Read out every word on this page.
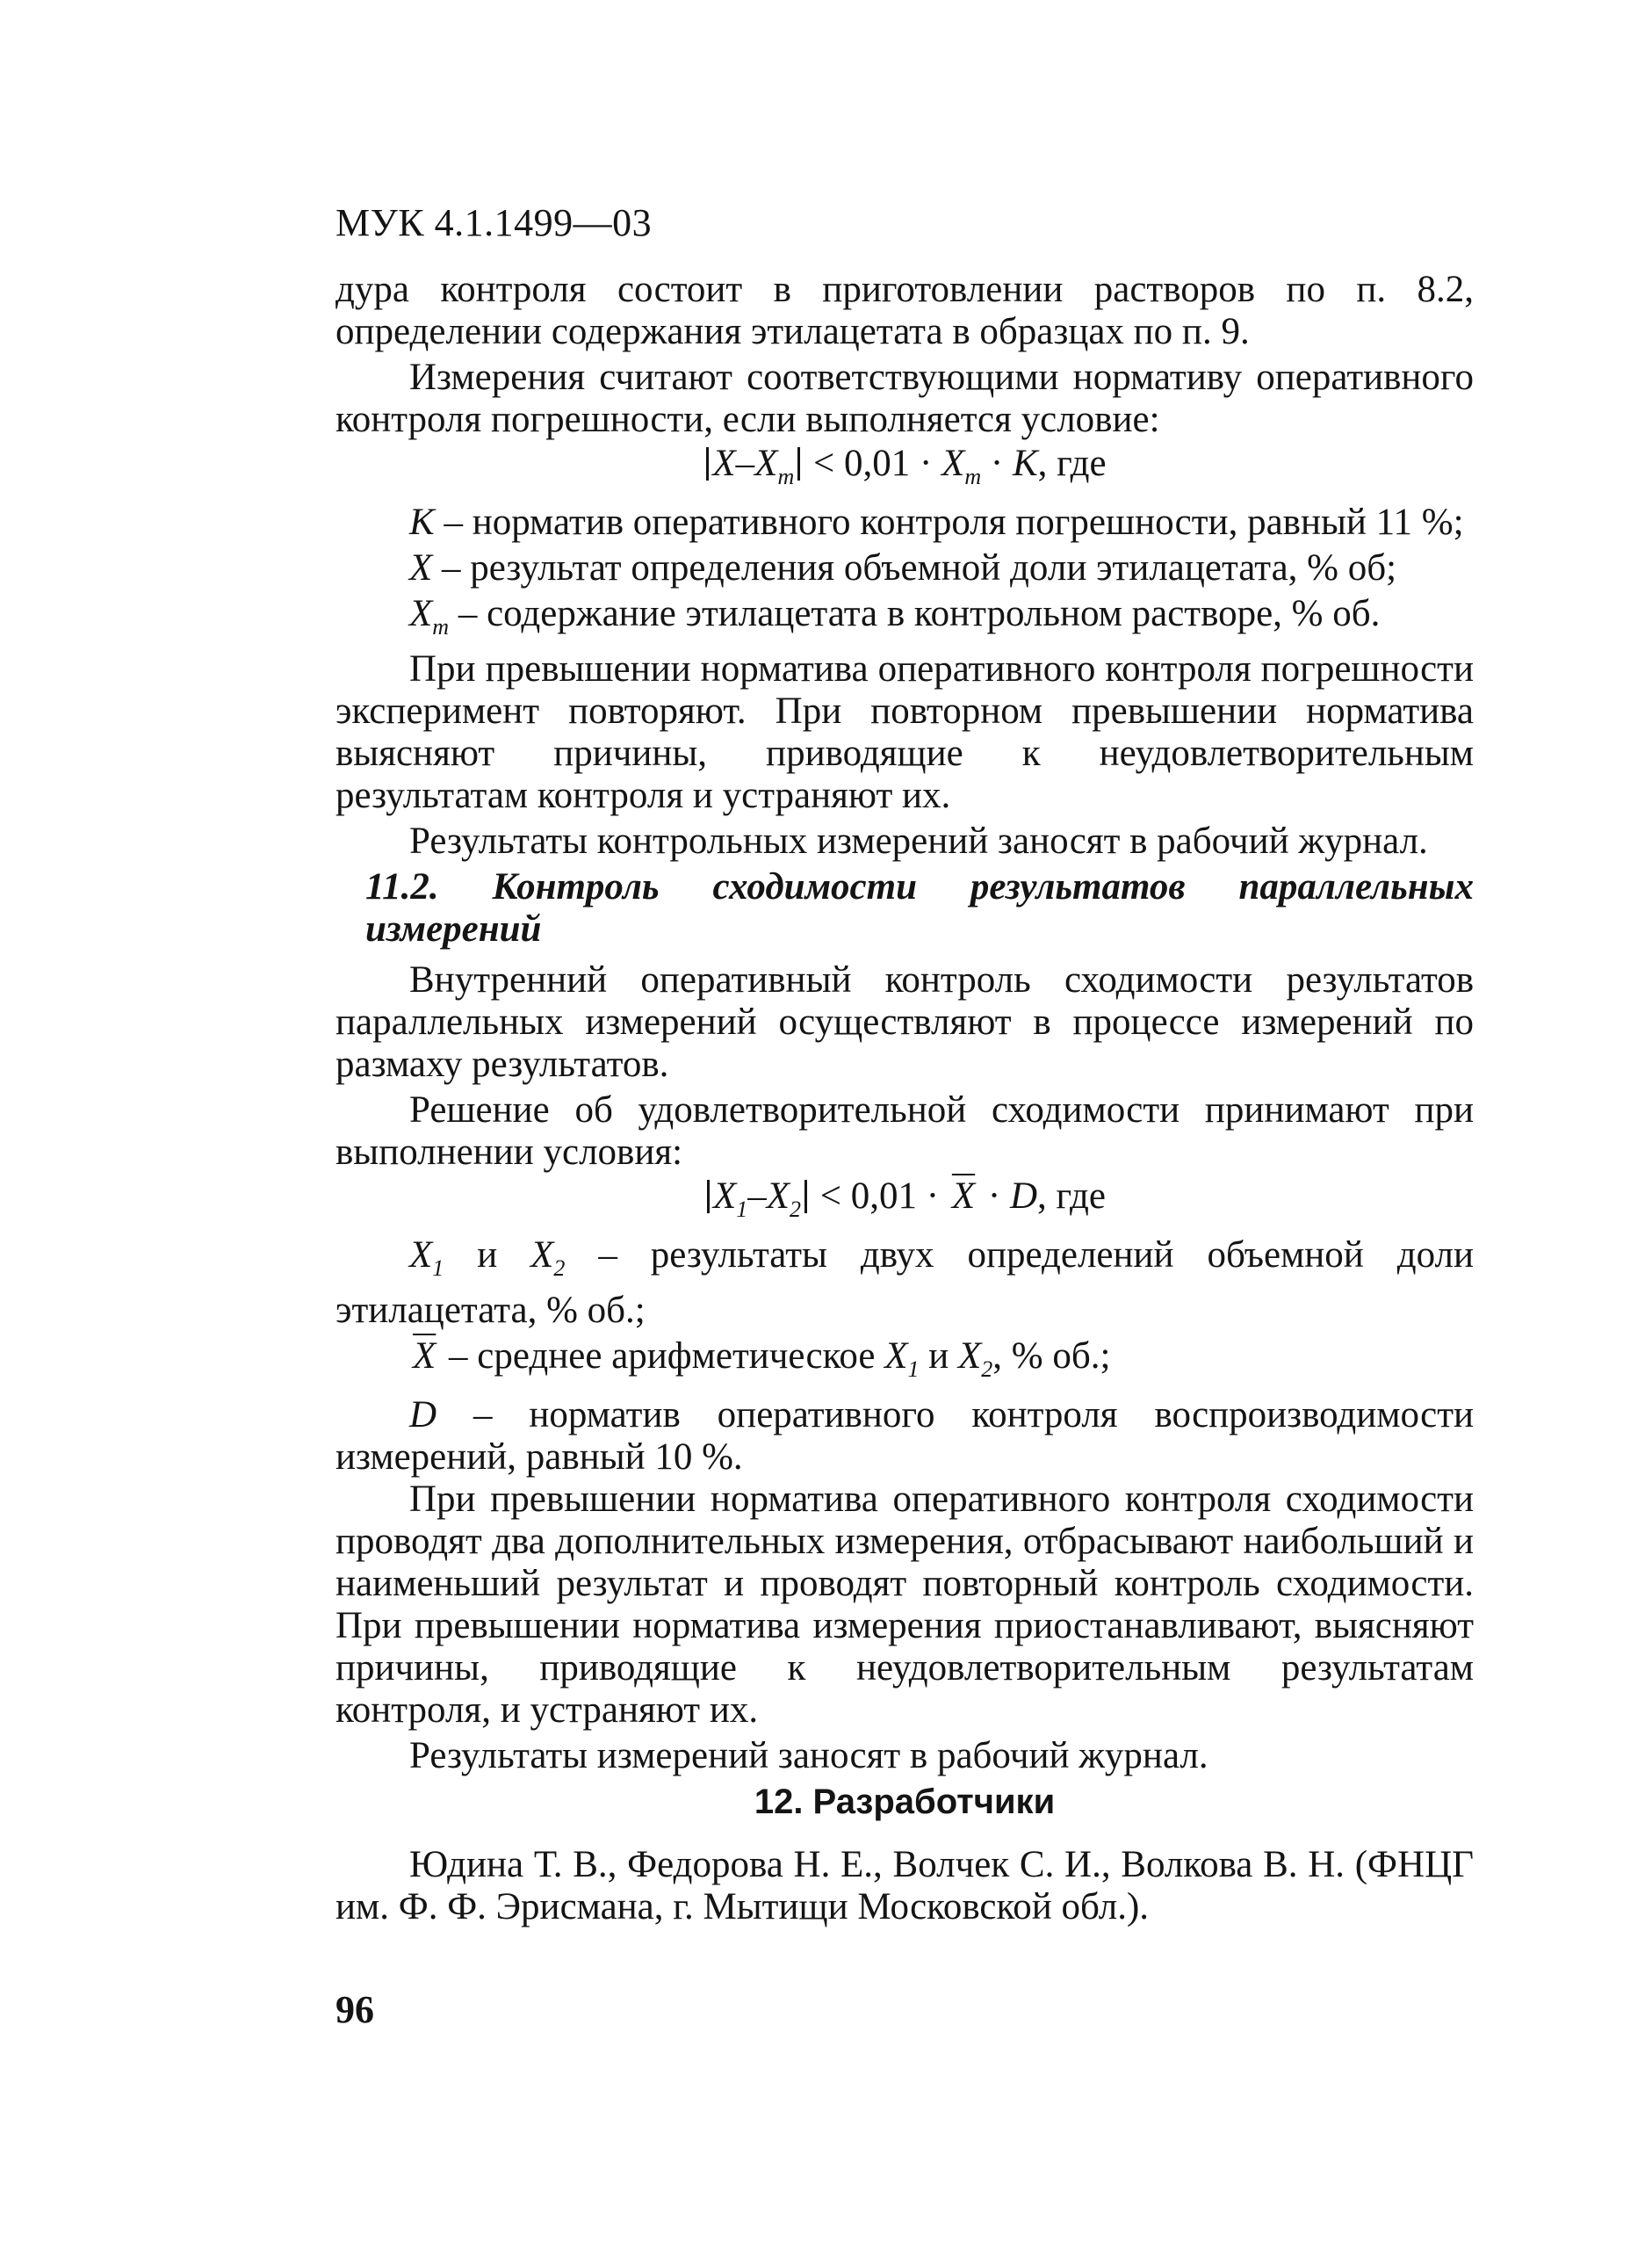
МУК 4.1.1499—03

дура контроля состоит в приготовлении растворов по п. 8.2, определении содержания этилацетата в образцах по п. 9.

Измерения считают соответствующими нормативу оперативного контроля погрешности, если выполняется условие:

$X-X_m < 0,01 \cdot X_m \cdot K$, где

K – норматив оперативного контроля погрешности, равный 11 %;

X – результат определения объемной доли этилацетата, % об;

$X_m$ – содержание этилацетата в контрольном растворе, % об.

При превышении норматива оперативного контроля погрешности эксперимент повторяют. При повторном превышении норматива выясняют причины, приводящие к неудовлетворительным результатам контроля и устраняют их.

Результаты контрольных измерений заносят в рабочий журнал.

11.2. Контроль сходимости результатов параллельных измерений

Внутренний оперативный контроль сходимости результатов параллельных измерений осуществляют в процессе измерений по размаху результатов.

Решение об удовлетворительной сходимости принимают при выполнении условия:

$X_1-X_2 < 0,01 \cdot \overline{X} \cdot D$, где

$X_1$ и $X_2$ – результаты двух определений объемной доли этилацетата, % об.;

$\overline{X}$ – среднее арифметическое $X_1$ и $X_2$, % об.;

D – норматив оперативного контроля воспроизводимости измерений, равный 10 %.

При превышении норматива оперативного контроля сходимости проводят два дополнительных измерения, отбрасывают наибольший и наименьший результат и проводят повторный контроль сходимости. При превышении норматива измерения приостанавливают, выясняют причины, приводящие к неудовлетворительным результатам контроля, и устраняют их.

Результаты измерений заносят в рабочий журнал.

12. Разработчики

Юдина Т. В., Федорова Н. Е., Волчек С. И., Волкова В. Н. (ФНЦГ им. Ф. Ф. Эрисмана, г. Мытищи Московской обл.).

96
